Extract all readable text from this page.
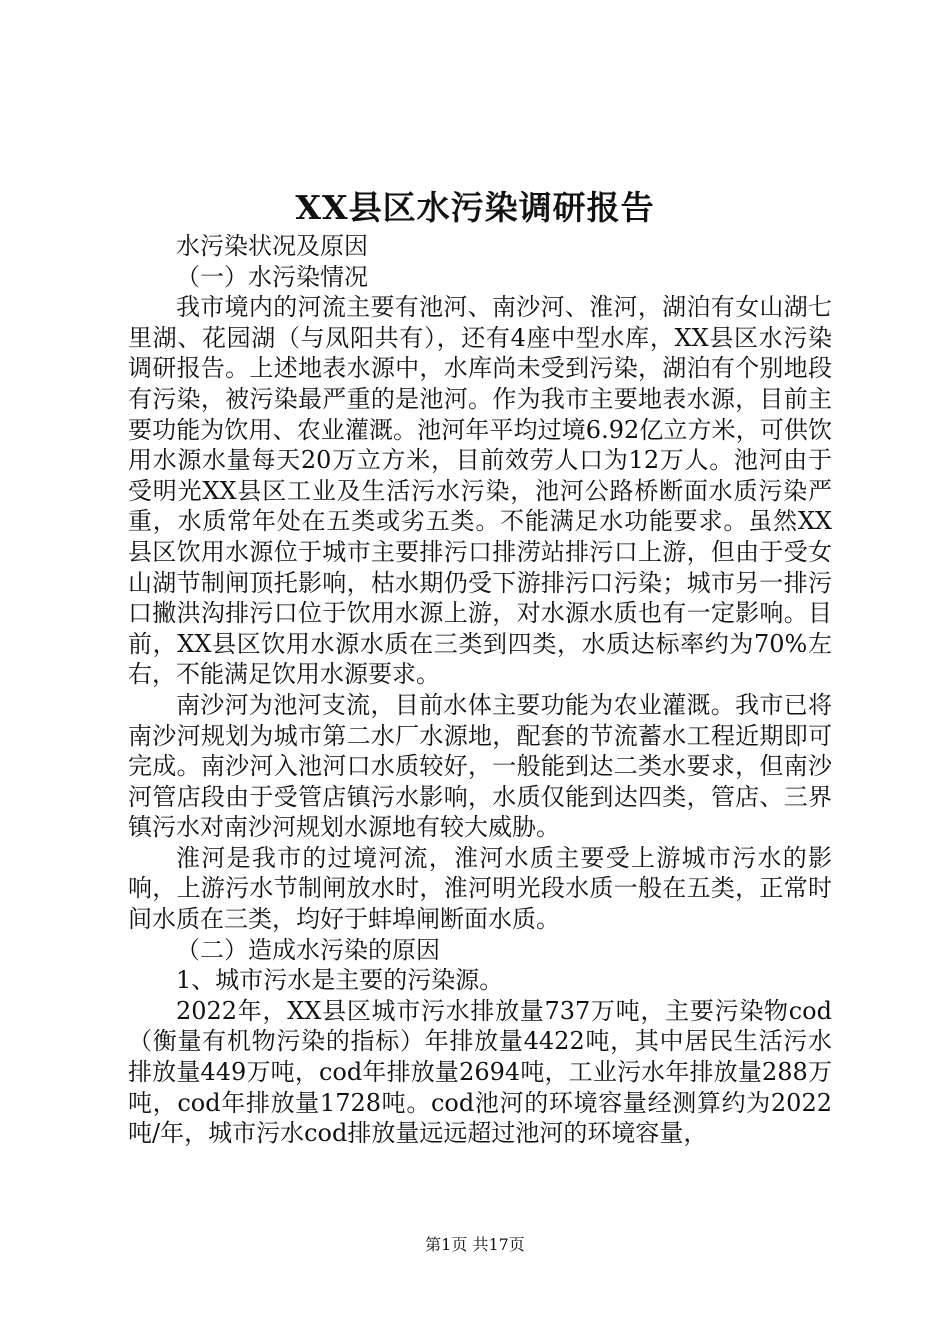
XX县区水污染调研报告

水污染状况及原因

（一）水污染情况

我市境内的河流主要有池河、南沙河、淮河，湖泊有女山湖七里湖、花园湖（与凤阳共有），还有4座中型水库，XX县区水污染调研报告。上述地表水源中，水库尚未受到污染，湖泊有个别地段有污染，被污染最严重的是池河。作为我市主要地表水源，目前主要功能为饮用、农业灌溉。池河年平均过境6.92亿立方米，可供饮用水源水量每天20万立方米，目前效劳人口为12万人。池河由于受明光XX县区工业及生活污水污染，池河公路桥断面水质污染严重，水质常年处在五类或劣五类。不能满足水功能要求。虽然XX县区饮用水源位于城市主要排污口排涝站排污口上游，但由于受女山湖节制闸顶托影响，枯水期仍受下游排污口污染；城市另一排污口撇洪沟排污口位于饮用水源上游，对水源水质也有一定影响。目前，XX县区饮用水源水质在三类到四类，水质达标率约为70%左右，不能满足饮用水源要求。

南沙河为池河支流，目前水体主要功能为农业灌溉。我市已将南沙河规划为城市第二水厂水源地，配套的节流蓄水工程近期即可完成。南沙河入池河口水质较好，一般能到达二类水要求，但南沙河管店段由于受管店镇污水影响，水质仅能到达四类，管店、三界镇污水对南沙河规划水源地有较大威胁。

淮河是我市的过境河流，淮河水质主要受上游城市污水的影响，上游污水节制闸放水时，淮河明光段水质一般在五类，正常时间水质在三类，均好于蚌埠闸断面水质。

（二）造成水污染的原因

1、城市污水是主要的污染源。

2022年，XX县区城市污水排放量737万吨，主要污染物cod（衡量有机物污染的指标）年排放量4422吨，其中居民生活污水排放量449万吨，cod年排放量2694吨，工业污水年排放量288万吨，cod年排放量1728吨。cod池河的环境容量经测算约为2022吨/年，城市污水cod排放量远远超过池河的环境容量，

第1页 共17页
